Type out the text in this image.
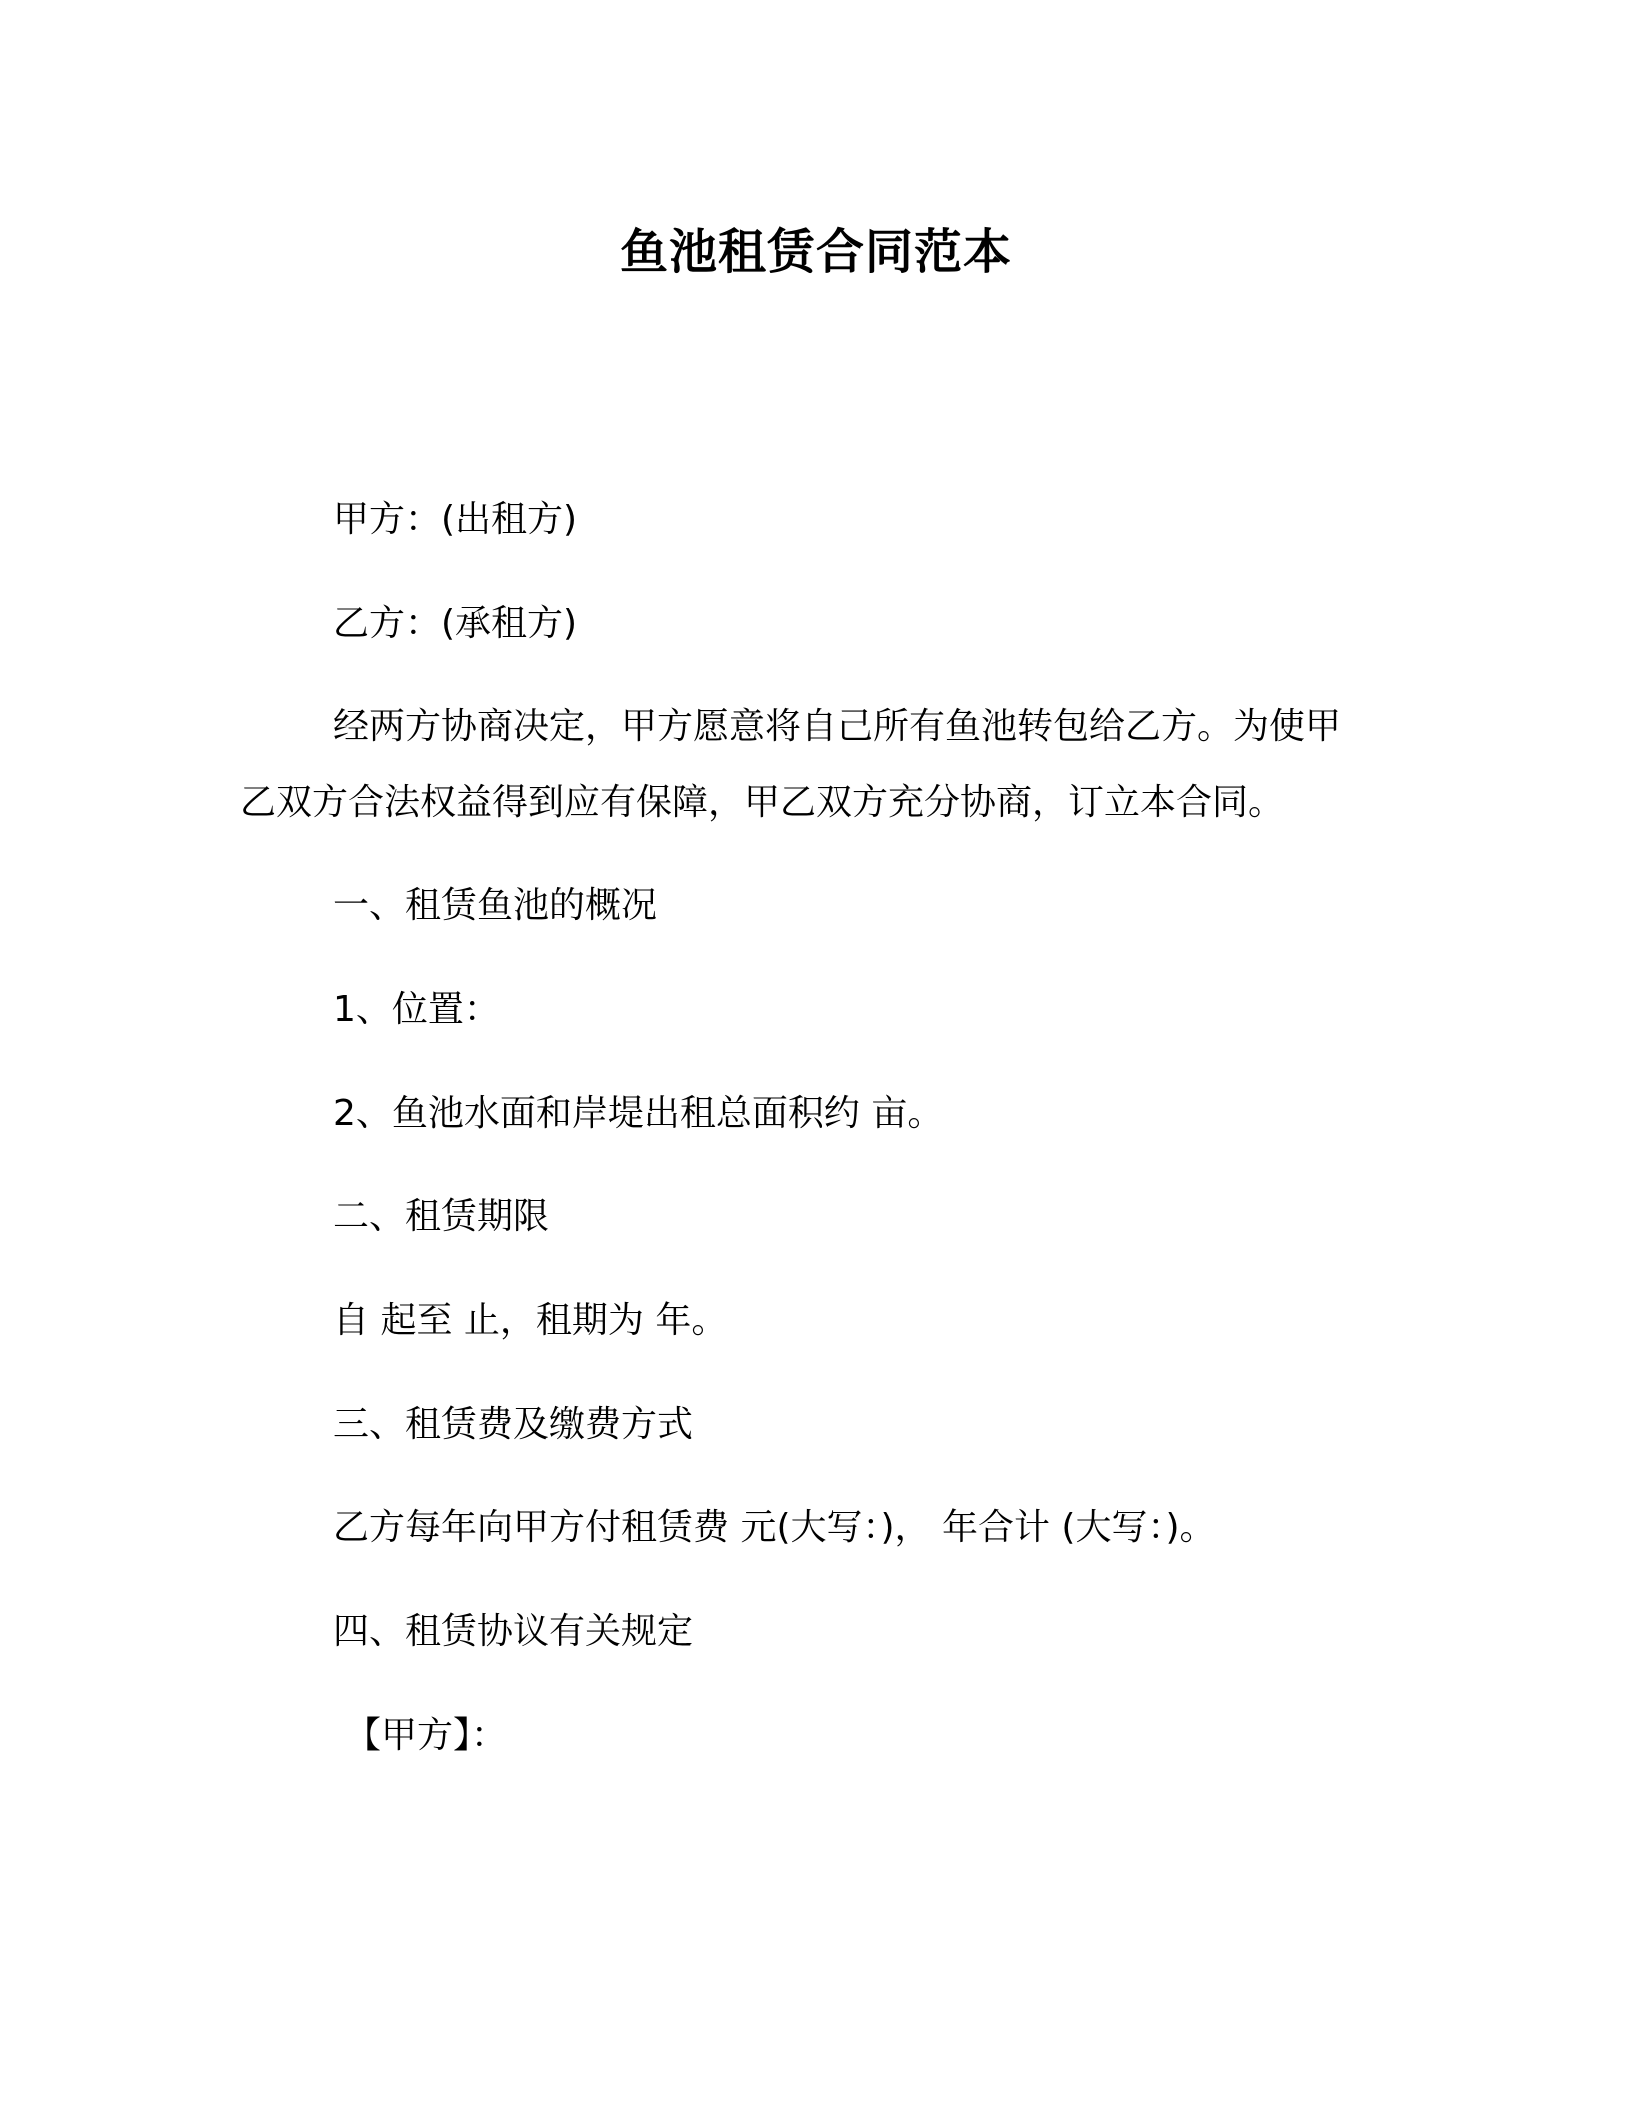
鱼池租赁合同范本
甲方：(出租方)
乙方：(承租方)
经两方协商决定，甲方愿意将自己所有鱼池转包给乙方。为使甲
乙双方合法权益得到应有保障，甲乙双方充分协商，订立本合同。
一、租赁鱼池的概况
1、位置：
2、鱼池水面和岸堤出租总面积约 亩。
二、租赁期限
自 起至 止，租期为 年。
三、租赁费及缴费方式
乙方每年向甲方付租赁费 元(大写：)， 年合计 (大写：)。
四、租赁协议有关规定
【甲方】：
